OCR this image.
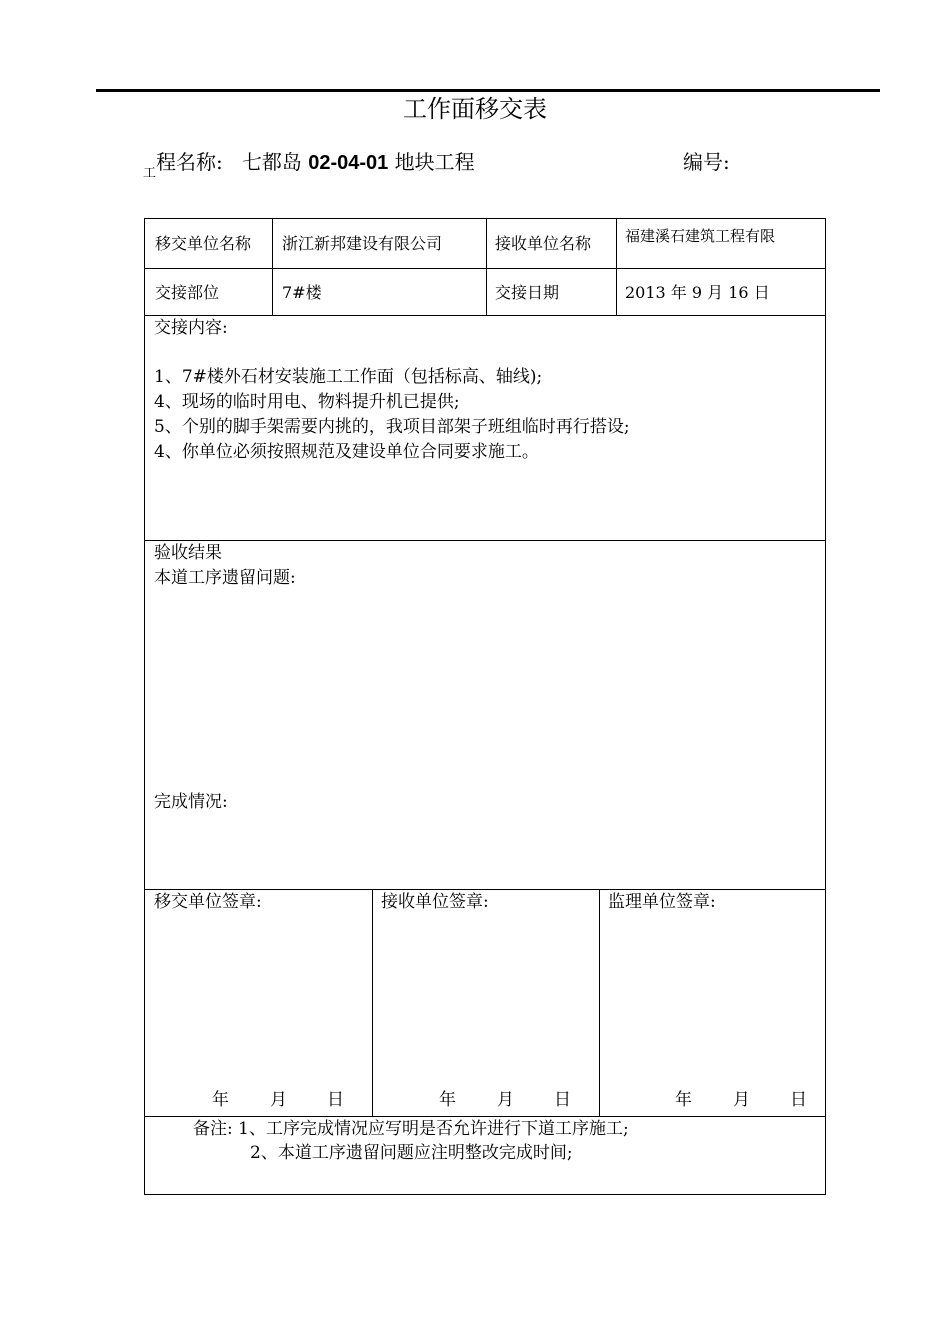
工作面移交表
$_工$程名称: 七都岛 02-04-01 地块工程	编号:
移交单位名称 浙江新邦建设有限公司	接收单位名称 福建溪石建筑工程有限
交接部位	7#楼	交接日期	2013 年 9 月 16 日
交接内容:
1、7#楼外石材安装施工工作面（包括标高、轴线);
4、现场的临时用电、物料提升机已提供;
5、个别的脚手架需要内挑的，我项目部架子班组临时再行搭设;
4、你单位必须按照规范及建设单位合同要求施工。
验收结果
本道工序遗留问题:
完成情况:
移交单位签章:	接收单位签章:	监理单位签章:
年 月 日	年 月 日	年 月 日
备注: 1、工序完成情况应写明是否允许进行下道工序施工;
2、本道工序遗留问题应注明整改完成时间;
